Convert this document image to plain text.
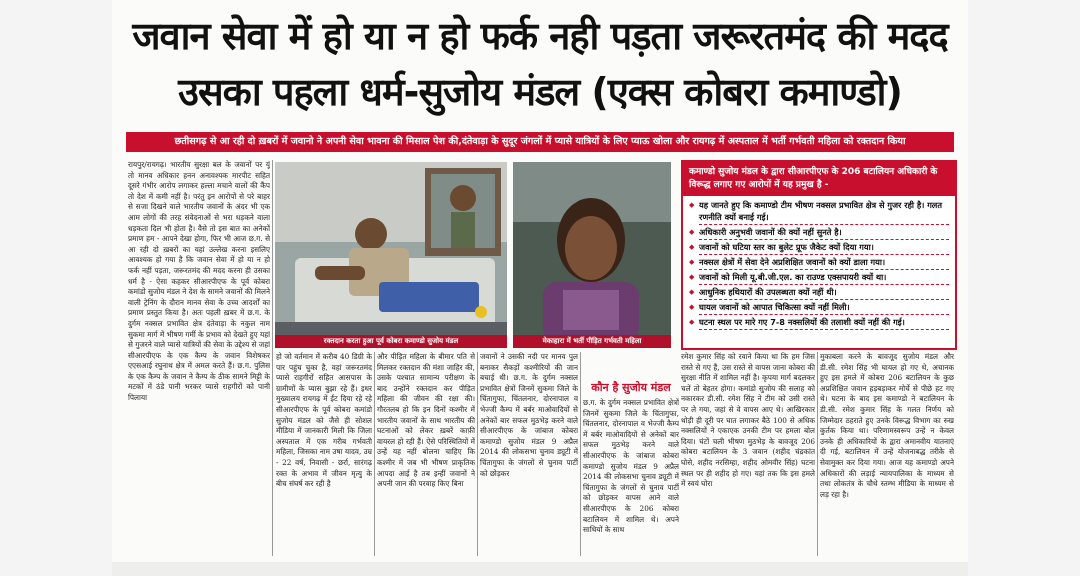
जवान सेवा में हो या न हो फर्क नही पड़ता जरूरतमंद की मदद
उसका पहला धर्म-सुजोय मंडल (एक्स कोबरा कमाण्डो)
छतीसगढ़ से आ रही दो ख़बरों में जवानो ने अपनी सेवा भावना की मिसाल पेश की,दंतेवाड़ा के सुदूर जंगलों में प्यासे यात्रियों के लिए प्याऊ खोला और रायगढ़ में अस्पताल में भर्ती गर्भवती महिला को रक्तदान किया
रायपुर/रायगढ़। भारतीय सुरक्षा बल के जवानों पर यूं तो मानव अधिकार हनन अनावश्यक मारपीट सहित दूसरे गंभीर आरोप लगाकर हल्ला मचाने वालों की कैंप तो देश में कमी नहीं है। परंतु इन आरोपों से परे बाहर से सजा दिखने वाले भारतीय जवानों के अंदर भी एक आम लोगों की तरह संवेदनाओं से भरा धड़कने वाला धड़कता दिल भी होता है। वैसे तो इस बात का अनेकों प्रमाण हम - आपने देखा होगा, फिर भी आज छ.ग. से आ रही दो ख़बरों का यहां उल्लेख करना इसलिए आवश्यक हो गया है कि जवान सेवा में हो या न हो फर्क नहीं पड़ता, जरूरतमंद की मदद करना ही उसका धर्म है - ऐसा कहकर सीआरपीएफ के पूर्व कोबरा कमांडो सुजोय मंडल ने देश के सामने जवानों की मिलने वाली ट्रेनिंग के दौरान मानव सेवा के उच्च आदर्शों का प्रमाण प्रस्तुत किया है। अतः पहली ख़बर में छ.ग. के दुर्गम नक्सल प्रभावित क्षेत्र दंतेवाड़ा के नकुल नाम सुकमा मार्ग में भीषण गर्मी के प्रभाव को देखते हुए यहां से गुजरने वाले प्यासे यात्रियों की सेवा के उद्देश्य से जहां सीआरपीएफ के एक कैम्प के जवान विशेषकर एएसआई रघुनाथ क्षेत्र में अमल करते हैं। छ.ग. पुलिस के एक कैम्प के जवान ने कैम्प के ठीक सामने मिट्टी के मटकों में ठंडे पानी भरकर प्यासे राहगीरों को पानी पिलाया
रक्तदान करता हुआ पूर्व कोबरा कमाण्डो सुजोय मंडल	मेकाहारा में भर्ती पीड़ित गर्भवती महिला
हो जो वर्तमान में करीब 40 डिग्री के पार पहुंच चुका है, वहां जरूरतमंद प्यासे राहगीरों सहित आसपास के ग्रामीणों के प्यास बुझा रहे हैं। इधर मुख्यालय रायगढ़ में ईंट दिया रहे रहे सीआरपीएफ के पूर्व कोबरा कमांडो सुजोय मंडल को जैसे ही सोशल मीडिया में जानकारी मिली कि जिला अस्पताल में एक गरीब गर्भवती महिला, जिसका नाम उषा यादव, उम्र - 22 वर्ष, निवासी - छर्रा, सारंगढ़ रक्त के अभाव में जीवन मृत्यु के बीच संघर्ष कर रही है
और पीड़ित महिला के बीमार पति से मिलकर रक्तदान की मंशा जाहिर की, उसके पश्चात सामान्य परीक्षण के बाद उन्होंने रक्तदान कर पीड़ित महिला की जीवन की रक्षा की। गौरतलब हो कि इन दिनों कश्मीर में भारतीय जवानों के साथ भारतीय की घटनाओं को लेकर ख़बरें काफ़ी वायरल हो रही हैं। ऐसे परिस्थितियों में उन्हें यह नहीं बोलना चाहिए कि कश्मीर में जब भी भीषण प्राकृतिक आपदा आई है तब इन्हीं जवानों ने अपनी जान की परवाह किए बिना
जवानों ने उसकी नदी पर मानव पुल बनाकर सैकड़ों कश्मीरियों की जान बचाई थी। छ.ग. के दुर्गम नक्सल प्रभावित क्षेत्रों जिनमें सुकमा जिले के चिंतागुफा, चिंतलनार, दोरनापाल व भेज्जी कैम्प में बर्बर माओवादियों से अनेकों बार सफल मुठभेड़ करने वाले सीआरपीएफ के जांबाज कोबरा कमाण्डो सुजोय मंडल 9 अप्रैल 2014 की लोकसभा चुनाव ड्यूटी में चिंतागुफा के जंगलों से चुनाव पार्टी को छोड़कर
कौन है सुजोय मंडल
छ.ग. के दुर्गम नक्सल प्रभावित क्षेत्रों जिनमें सुकमा जिले के चिंतागुफा, चिंतलनार, दोरनापाल व भेज्जी कैम्प में बर्बर माओवादियों से अनेकों बार सफल मुठभेड़ करने वाले सीआरपीएफ के जांबाज कोबरा कमाण्डो सुजोय मंडल 9 अप्रैल 2014 की लोकसभा चुनाव ड्यूटी में चिंतागुफा के जंगलों से चुनाव पार्टी को छोड़कर वापस आने वाले सीआरपीएफ के 206 कोबरा बटालियन में शामिल थे। अपने साथियों के साथ
कमाण्डो सुजोय मंडल के द्वारा सीआरपीएफ के 206 बटालियन अधिकारी के विरूद्ध लगाए गए आरोपों में यह प्रमुख है -
◆ यह जानते हुए कि कमाण्डो टीम भीषण नक्सल प्रभावित क्षेत्र से गुजर रही है। गलत रणनीति क्यों बनाई गई।
◆ अधिकारी अनुभवी जवानों की क्यों नहीं सुनते है।
◆ जवानों को घटिया स्तर का बुलेट प्रूफ जैकेट क्यों दिया गया।
◆ नक्सल क्षेत्रों में सेवा देने अप्रशिक्षित जवानों को क्यों डाला गया।
◆ जवानों को मिली यू.बी.जी.एल. का राउण्ड एक्सपायरी क्यों था।
◆ आधुनिक हथियारों की उपलब्धता क्यों नहीं थी।
◆ घायल जवानों को आपात चिकित्सा क्यों नहीं मिली।
◆ घटना स्थल पर मारे गए 7-8 नक्सलियों की तलाशी क्यों नहीं की गई।
रमेश कुमार सिंह को रवाने किया था कि हम जिस रास्ते से गए हैं, उस रास्ते से वापस जाना कोबरा की सुरक्षा नीति में शामिल नहीं है। कृपया मार्ग बदलकर चलें तो बेहतर होगा। कमांडो सुजोय की सलाह को नकारकर डी.सी. रमेश सिंह ने टीम को उसी रास्ते पर ले गया, जहां से वे वापस आए थे। आखिरकार थोड़ी ही दूरी पर घात लगाकर बैठे 100 से अधिक नक्सलियों ने एकाएक उनकी टीम पर हमला बोल दिया। घंटों चली भीषण मुठभेड़ के बावजूद 206 कोबरा बटालियन के 3 जवान (शहीद चंद्रकांत घोसे, शहीद नरसिम्हा, शहीद ओमवीर सिंह) घटना स्थल पर ही शहीद हो गए। यहां तक कि इस हमले में स्वयं घोरा
मुकाबला करने के बावजूद सुजोय मंडल और डी.सी. रमेश सिंह भी घायल हो गए थे, अचानक हुए इस हमले में कोबरा 206 बटालियन के कुछ अप्रशिक्षित जवान हड़बड़ाकर मोर्चे से पीछे हट गए थे। घटना के बाद इस कमाण्डो ने बटालियन के डी.सी. रमेश कुमार सिंह के गलत निर्णय को जिम्मेदार ठहराते हुए उनके विरूद्ध विभाग का रुख कुर्तक किया था। परिणामस्वरूप उन्हें न केवल उनके ही अधिकारियों के द्वारा अमानवीय यातनाएं दी गई, बटालियन में उन्हें योजनाबद्ध तरीके से सेवामुक्त कर दिया गया। आज यह कमाण्डो अपने अधिकारों की लड़ाई न्यायपालिका के माध्यम से तथा लोकतंत्र के चौथे स्तम्भ मीडिया के माध्यम से लड़ रहा है।
